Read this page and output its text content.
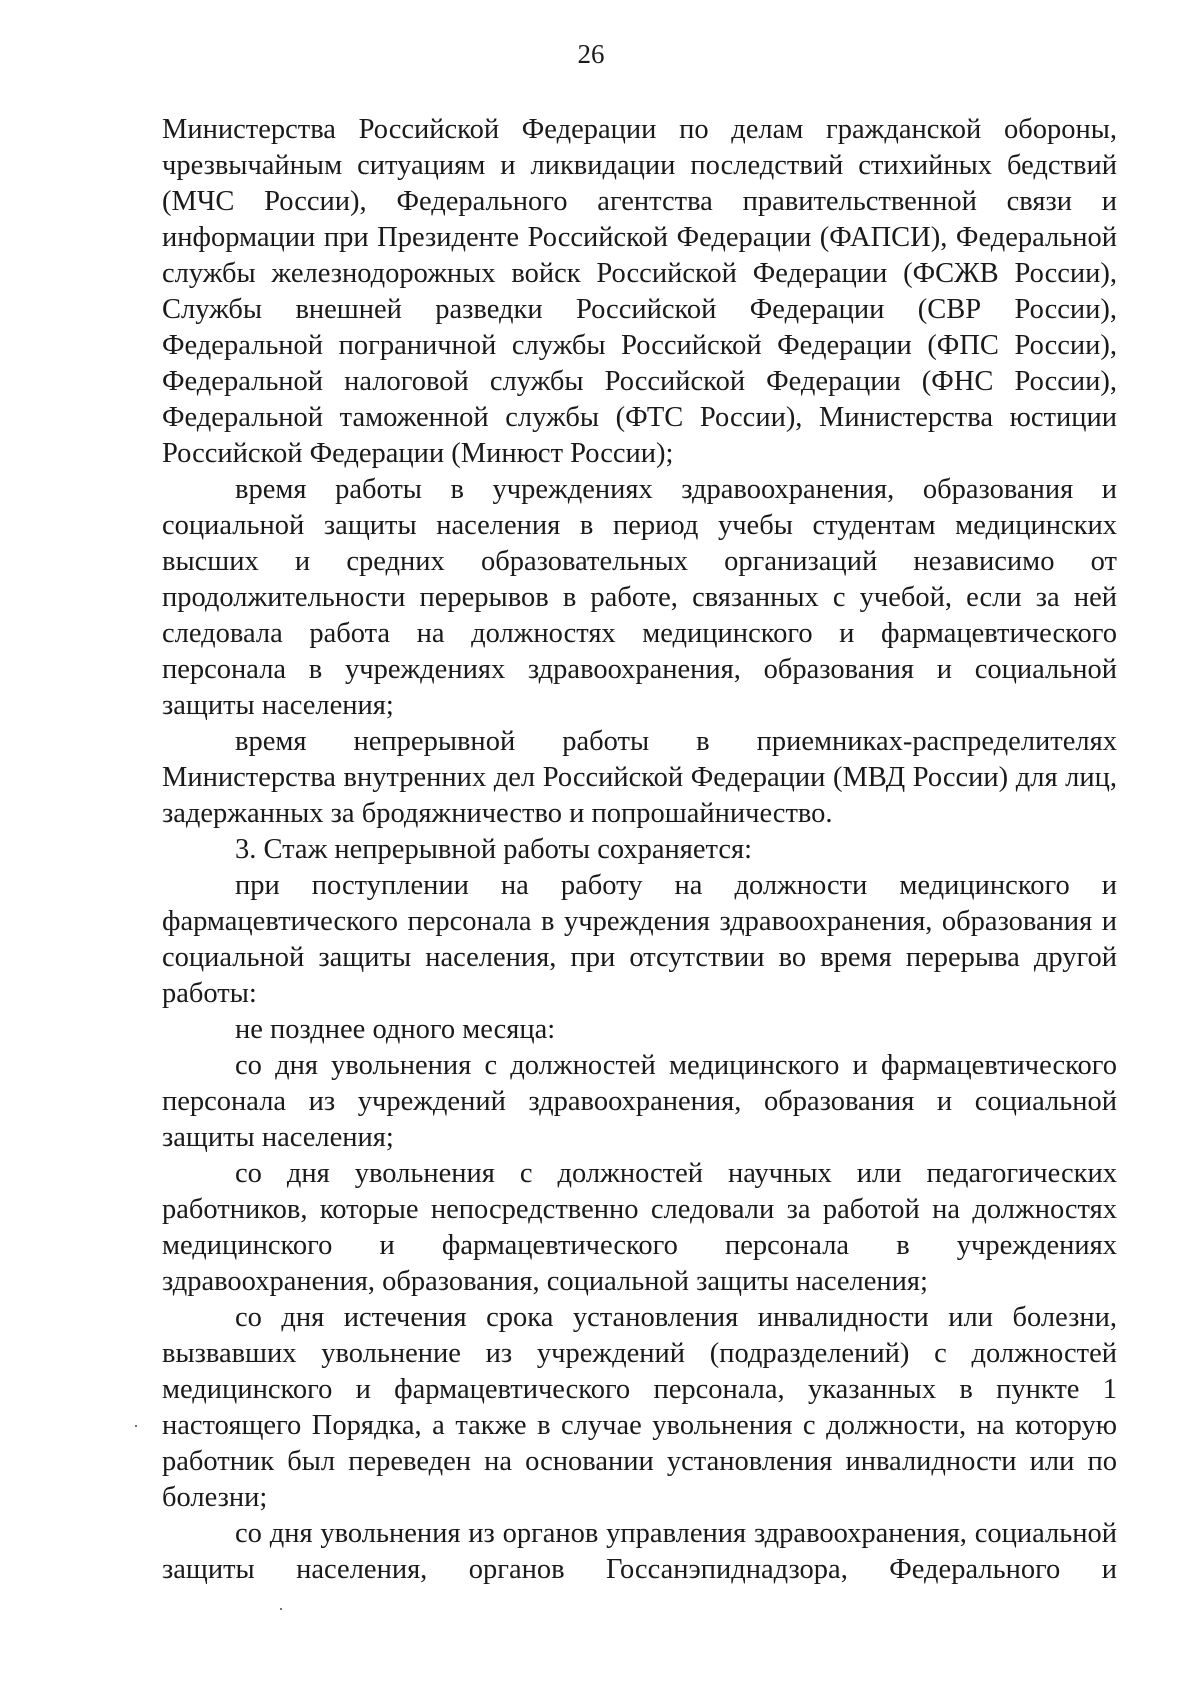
26

Министерства Российской Федерации по делам гражданской обороны, чрезвычайным ситуациям и ликвидации последствий стихийных бедствий (МЧС России), Федерального агентства правительственной связи и информации при Президенте Российской Федерации (ФАПСИ), Федеральной службы железнодорожных войск Российской Федерации (ФСЖВ России), Службы внешней разведки Российской Федерации (СВР России), Федеральной пограничной службы Российской Федерации (ФПС России), Федеральной налоговой службы Российской Федерации (ФНС России), Федеральной таможенной службы (ФТС России), Министерства юстиции Российской Федерации (Минюст России);

время работы в учреждениях здравоохранения, образования и социальной защиты населения в период учебы студентам медицинских высших и средних образовательных организаций независимо от продолжительности перерывов в работе, связанных с учебой, если за ней следовала работа на должностях медицинского и фармацевтического персонала в учреждениях здравоохранения, образования и социальной защиты населения;

время непрерывной работы в приемниках-распределителях Министерства внутренних дел Российской Федерации (МВД России) для лиц, задержанных за бродяжничество и попрошайничество.

3. Стаж непрерывной работы сохраняется:

при поступлении на работу на должности медицинского и фармацевтического персонала в учреждения здравоохранения, образования и социальной защиты населения, при отсутствии во время перерыва другой работы:

не позднее одного месяца:

со дня увольнения с должностей медицинского и фармацевтического персонала из учреждений здравоохранения, образования и социальной защиты населения;

со дня увольнения с должностей научных или педагогических работников, которые непосредственно следовали за работой на должностях медицинского и фармацевтического персонала в учреждениях здравоохранения, образования, социальной защиты населения;

со дня истечения срока установления инвалидности или болезни, вызвавших увольнение из учреждений (подразделений) с должностей медицинского и фармацевтического персонала, указанных в пункте 1 настоящего Порядка, а также в случае увольнения с должности, на которую работник был переведен на основании установления инвалидности или по болезни;

со дня увольнения из органов управления здравоохранения, социальной защиты населения, органов Госсанэпиднадзора, Федерального и
